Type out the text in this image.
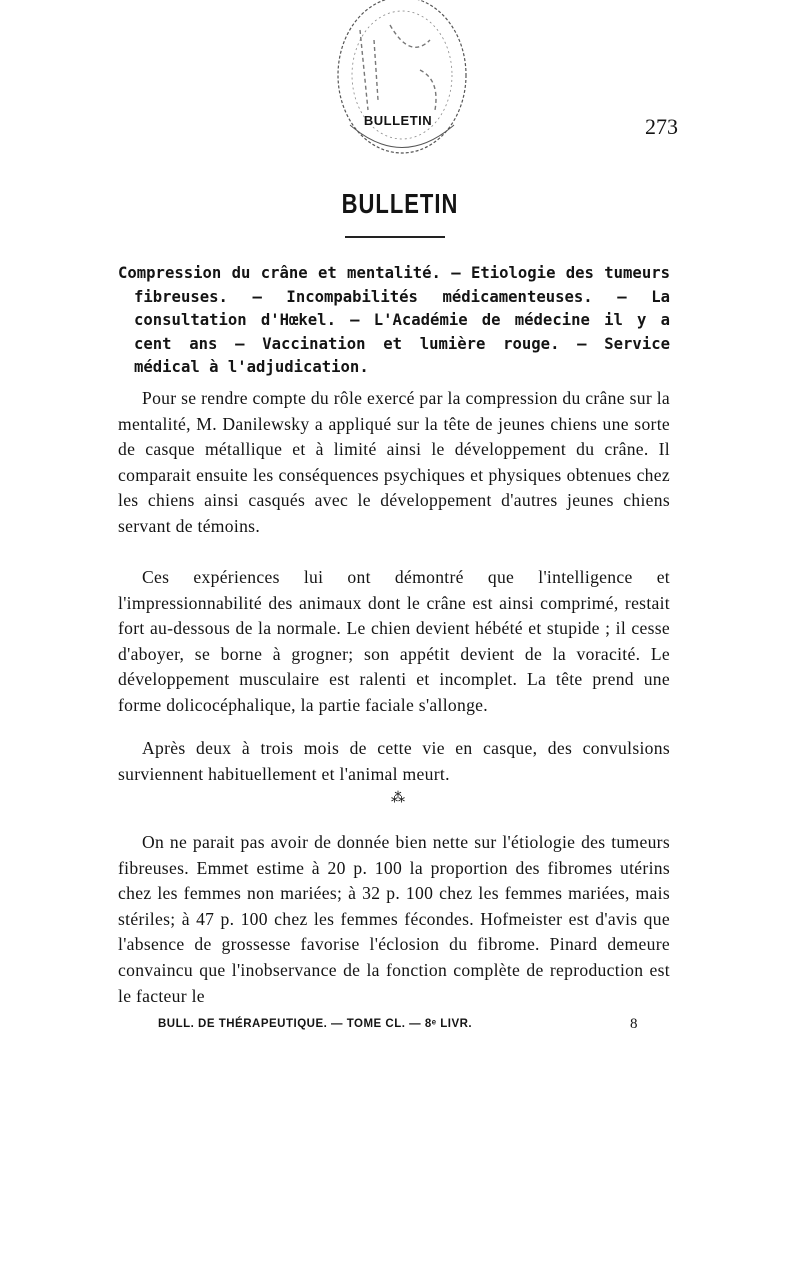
BULLETIN	273
BULLETIN

Compression du crâne et mentalité. — Etiologie des tumeurs fibreuses. — Incompabilités médicamenteuses. — La consultation d'Hœkel. — L'Académie de médecine il y a cent ans — Vaccination et lumière rouge. — Service médical à l'adjudication.

Pour se rendre compte du rôle exercé par la compression du crâne sur la mentalité, M. Danilewsky a appliqué sur la tête de jeunes chiens une sorte de casque métallique et à limité ainsi le développement du crâne. Il comparait ensuite les conséquences psychiques et physiques obtenues chez les chiens ainsi casqués avec le développement d'autres jeunes chiens servant de témoins.

Ces expériences lui ont démontré que l'intelligence et l'impressionnabilité des animaux dont le crâne est ainsi comprimé, restait fort au-dessous de la normale. Le chien devient hébété et stupide ; il cesse d'aboyer, se borne à grogner; son appétit devient de la voracité. Le développement musculaire est ralenti et incomplet. La tête prend une forme dolicocéphalique, la partie faciale s'allonge.

Après deux à trois mois de cette vie en casque, des convulsions surviennent habituellement et l'animal meurt.

⁂

On ne parait pas avoir de donnée bien nette sur l'étiologie des tumeurs fibreuses. Emmet estime à 20 p. 100 la proportion des fibromes utérins chez les femmes non mariées; à 32 p. 100 chez les femmes mariées, mais stériles; à 47 p. 100 chez les femmes fécondes. Hofmeister est d'avis que l'absence de grossesse favorise l'éclosion du fibrome. Pinard demeure convaincu que l'inobservance de la fonction complète de reproduction est le facteur le

BULL. DE THÉRAPEUTIQUE. — TOME CL. — 8ᵉ LIVR.	8
